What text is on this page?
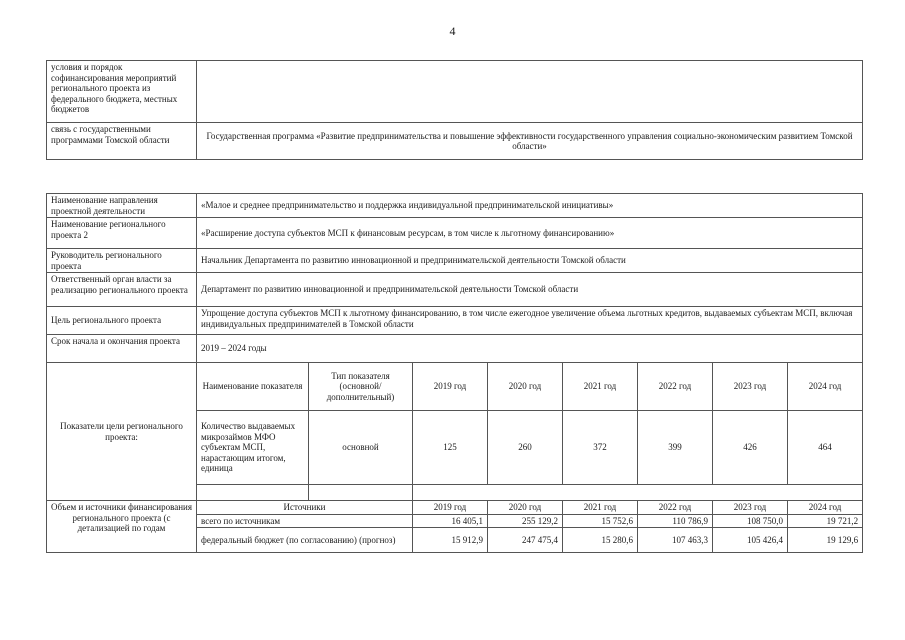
4
условия и порядок софинансирования мероприятий регионального проекта из федерального бюджета, местных бюджетов	
связь с государственными программами Томской области	Государственная программа «Развитие предпринимательства и повышение эффективности государственного управления социально-экономическим развитием Томской области»
Наименование направления проектной деятельности	«Малое и среднее предпринимательство и поддержка индивидуальной предпринимательской инициативы»							
Наименование регионального проекта 2	«Расширение доступа субъектов МСП к финансовым ресурсам, в том числе к льготному финансированию»							
Руководитель регионального проекта	Начальник Департамента по развитию инновационной и предпринимательской деятельности Томской области							
Ответственный орган власти за реализацию регионального проекта	Департамент по развитию инновационной и предпринимательской деятельности Томской области							
Цель регионального проекта	Упрощение доступа субъектов МСП к льготному финансированию, в том числе ежегодное увеличение объема льготных кредитов, выдаваемых субъектам МСП, включая индивидуальных предпринимателей в Томской области							
Срок начала и окончания проекта	2019 – 2024 годы							
Показатели цели регионального проекта:	Наименование показателя	Тип показателя (основной/ дополнительный)	2019 год	2020 год	2021 год	2022 год	2023 год	2024 год
	Количество выдаваемых микрозаймов МФО субъектам МСП, нарастающим итогом, единица	основной	125	260	372	399	426	464

Объем и источники финансирования регионального проекта (с детализацией по годам	Источники		2019 год	2020 год	2021 год	2022 год	2023 год	2024 год
	всего по источникам		16 405,1	255 129,2	15 752,6	110 786,9	108 750,0	19 721,2
	федеральный бюджет (по согласованию) (прогноз)		15 912,9	247 475,4	15 280,6	107 463,3	105 426,4	19 129,6
